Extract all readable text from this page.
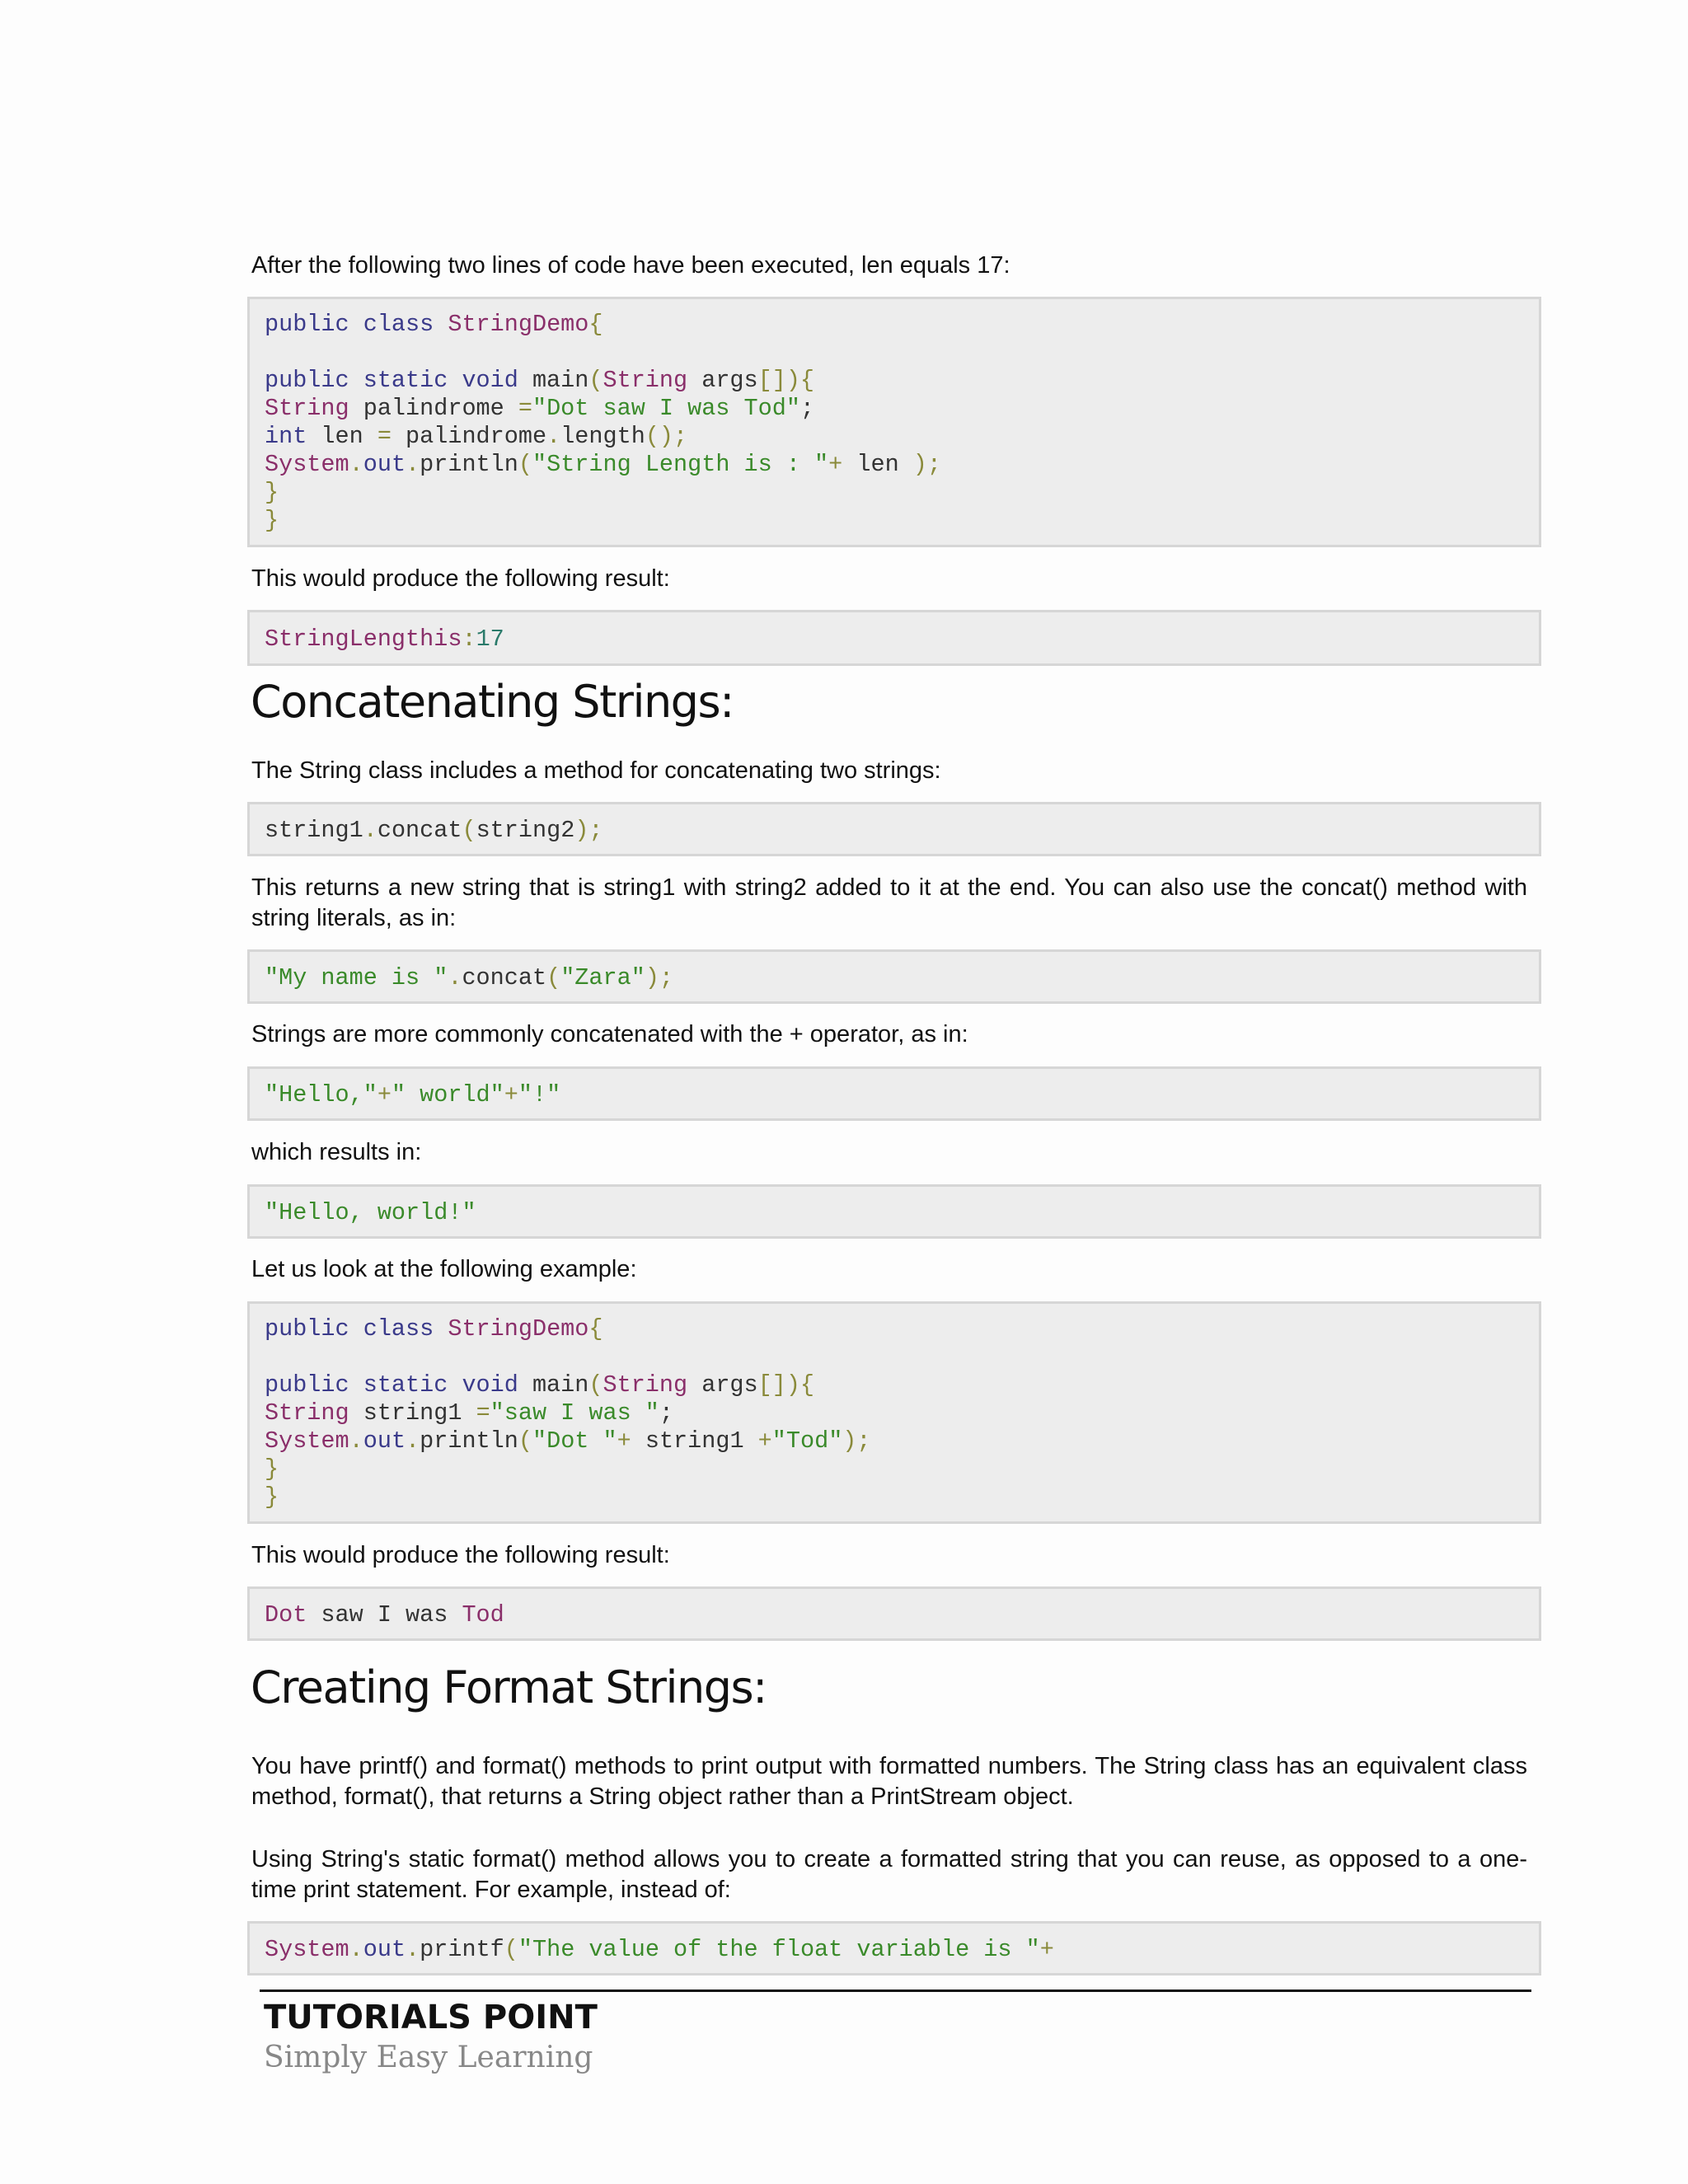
After the following two lines of code have been executed, len equals 17:
public class StringDemo{
public static void main(String args[]){
String palindrome ="Dot saw I was Tod";
int len = palindrome.length();
System.out.println("String Length is : "+ len );
}
}
This would produce the following result:
StringLengthis:17
Concatenating Strings:
The String class includes a method for concatenating two strings:
string1.concat(string2);
This returns a new string that is string1 with string2 added to it at the end. You can also use the concat() method with string literals, as in:
"My name is ".concat("Zara");
Strings are more commonly concatenated with the + operator, as in:
"Hello,"+" world"+"!"
which results in:
"Hello, world!"
Let us look at the following example:
public class StringDemo{
public static void main(String args[]){
String string1 ="saw I was ";
System.out.println("Dot "+ string1 +"Tod");
}
}
This would produce the following result:
Dot saw I was Tod
Creating Format Strings:
You have printf() and format() methods to print output with formatted numbers. The String class has an equivalent class method, format(), that returns a String object rather than a PrintStream object.
Using String's static format() method allows you to create a formatted string that you can reuse, as opposed to a one-time print statement. For example, instead of:
System.out.printf("The value of the float variable is "+
TUTORIALS POINT
Simply Easy Learning
